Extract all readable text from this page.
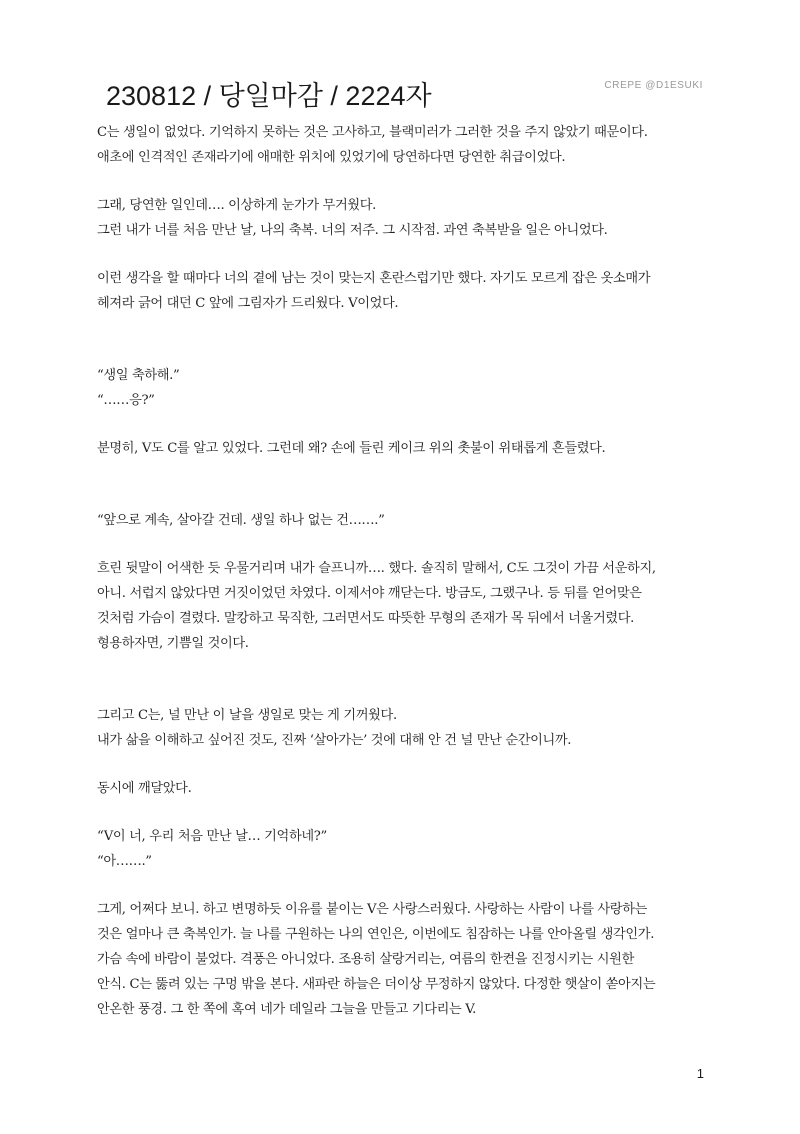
230812 / 당일마감 / 2224자	CREPE @D1ESUKI
C는 생일이 없었다. 기억하지 못하는 것은 고사하고, 블랙미러가 그러한 것을 주지 않았기 때문이다.
애초에 인격적인 존재라기에 애매한 위치에 있었기에 당연하다면 당연한 취급이었다.
그래, 당연한 일인데…. 이상하게 눈가가 무거웠다.
그런 내가 너를 처음 만난 날, 나의 축복. 너의 저주. 그 시작점. 과연 축복받을 일은 아니었다.
이런 생각을 할 때마다 너의 곁에 남는 것이 맞는지 혼란스럽기만 했다. 자기도 모르게 잡은 옷소매가
헤져라 긁어 대던 C 앞에 그림자가 드리웠다. V이었다.
“생일 축하해.”
“……응?”
분명히, V도 C를 알고 있었다. 그런데 왜? 손에 들린 케이크 위의 촛불이 위태롭게 흔들렸다.
“앞으로 계속, 살아갈 건데. 생일 하나 없는 건…….”
흐린 뒷말이 어색한 듯 우물거리며 내가 슬프니까…. 했다. 솔직히 말해서, C도 그것이 가끔 서운하지,
아니. 서럽지 않았다면 거짓이었던 차였다. 이제서야 깨닫는다. 방금도, 그랬구나. 등 뒤를 얻어맞은
것처럼 가슴이 결렸다. 말캉하고 묵직한, 그러면서도 따뜻한 무형의 존재가 목 뒤에서 너울거렸다.
형용하자면, 기쁨일 것이다.
그리고 C는, 널 만난 이 날을 생일로 맞는 게 기꺼웠다.
내가 삶을 이해하고 싶어진 것도, 진짜 ‘살아가는’ 것에 대해 안 건 널 만난 순간이니까.
동시에 깨달았다.
“V이 너, 우리 처음 만난 날… 기억하네?”
“아…….”
그게, 어쩌다 보니. 하고 변명하듯 이유를 붙이는 V은 사랑스러웠다. 사랑하는 사람이 나를 사랑하는
것은 얼마나 큰 축복인가. 늘 나를 구원하는 나의 연인은, 이번에도 침잠하는 나를 안아올릴 생각인가.
가슴 속에 바람이 불었다. 격풍은 아니었다. 조용히 살랑거리는, 여름의 한켠을 진정시키는 시원한
안식. C는 뚫려 있는 구멍 밖을 본다. 새파란 하늘은 더이상 무정하지 않았다. 다정한 햇살이 쏟아지는
안온한 풍경. 그 한 쪽에 혹여 네가 데일라 그늘을 만들고 기다리는 V.
1
